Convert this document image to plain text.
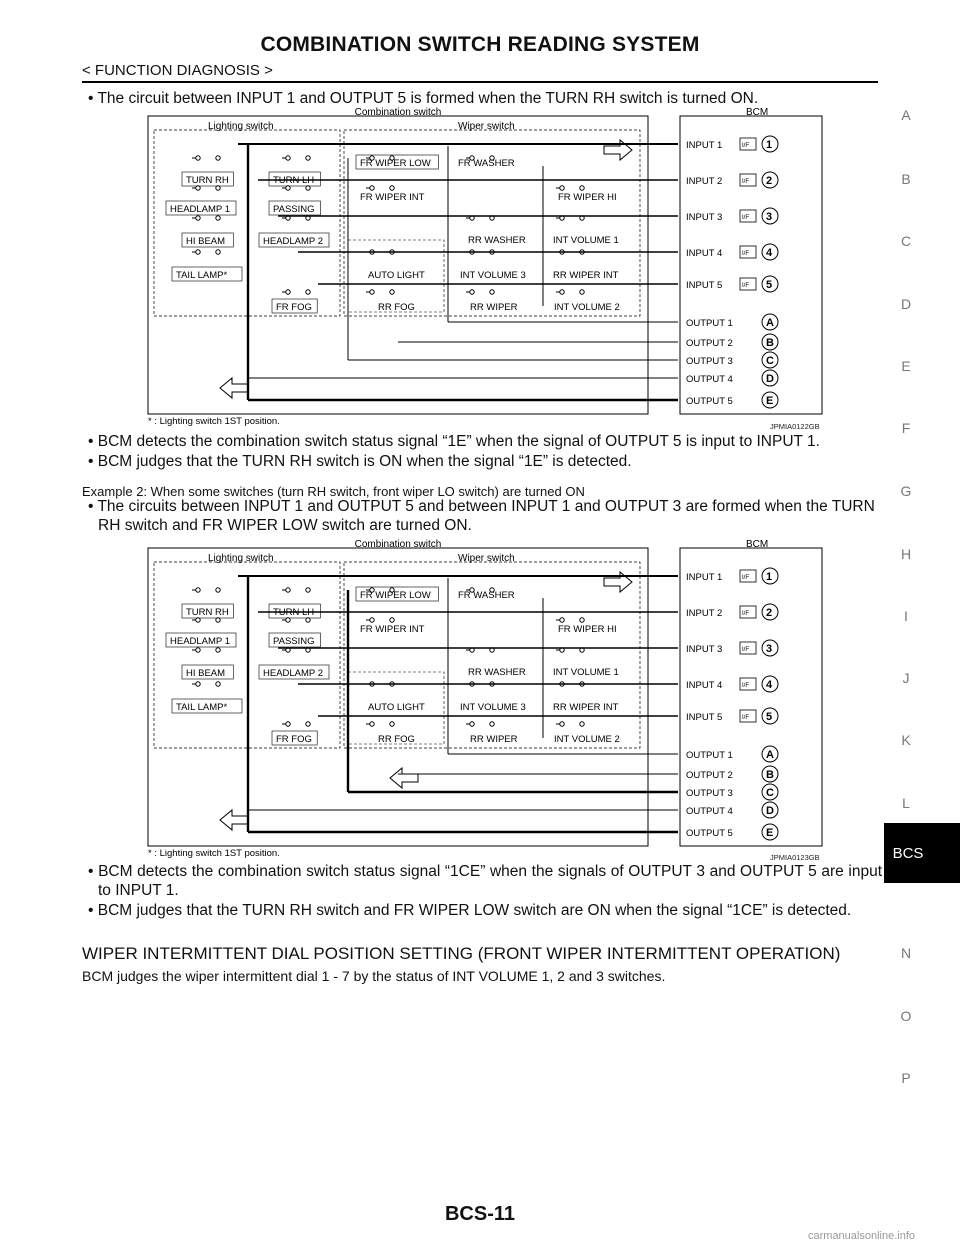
COMBINATION SWITCH READING SYSTEM
< FUNCTION DIAGNOSIS >
A
B
C
D
E
F
G
H
I
J
K
L
N
O
P
BCS
• The circuit between INPUT 1 and OUTPUT 5 is formed when the TURN RH switch is turned ON.
Combination switch
Lighting switch	Wiper switch
TURN RH	TURN LH
HEADLAMP 1	PASSING
HI BEAM	HEADLAMP 2
TAIL LAMP*
FR FOG
FR WIPER LOW	FR WASHER
FR WIPER INT	FR WIPER HI
RR WASHER	INT VOLUME 1
AUTO LIGHT	INT VOLUME 3	RR WIPER INT
RR FOG	RR WIPER	INT VOLUME 2
BCM
INPUT 1	I/F 1
INPUT 2	I/F 2
INPUT 3	I/F 3
INPUT 4	I/F 4
INPUT 5	I/F 5
OUTPUT 1	A
OUTPUT 2	B
OUTPUT 3	C
OUTPUT 4	D
OUTPUT 5	E
* : Lighting switch 1ST position.	JPMIA0122GB
• BCM detects the combination switch status signal “1E” when the signal of OUTPUT 5 is input to INPUT 1.
• BCM judges that the TURN RH switch is ON when the signal “1E” is detected.
Example 2: When some switches (turn RH switch, front wiper LO switch) are turned ON
• The circuits between INPUT 1 and OUTPUT 5 and between INPUT 1 and OUTPUT 3 are formed when the TURN RH switch and FR WIPER LOW switch are turned ON.
Combination switch
Lighting switch	Wiper switch
TURN RH	TURN LH
HEADLAMP 1	PASSING
HI BEAM	HEADLAMP 2
TAIL LAMP*
FR FOG
FR WIPER LOW	FR WASHER
FR WIPER INT	FR WIPER HI
RR WASHER	INT VOLUME 1
AUTO LIGHT	INT VOLUME 3	RR WIPER INT
RR FOG	RR WIPER	INT VOLUME 2
BCM
INPUT 1	I/F 1
INPUT 2	I/F 2
INPUT 3	I/F 3
INPUT 4	I/F 4
INPUT 5	I/F 5
OUTPUT 1	A
OUTPUT 2	B
OUTPUT 3	C
OUTPUT 4	D
OUTPUT 5	E
* : Lighting switch 1ST position.	JPMIA0123GB
• BCM detects the combination switch status signal “1CE” when the signals of OUTPUT 3 and OUTPUT 5 are input to INPUT 1.
• BCM judges that the TURN RH switch and FR WIPER LOW switch are ON when the signal “1CE” is detected.
WIPER INTERMITTENT DIAL POSITION SETTING (FRONT WIPER INTERMITTENT OPERATION)
BCM judges the wiper intermittent dial 1 - 7 by the status of INT VOLUME 1, 2 and 3 switches.
BCS-11
carmanualsonline.info
